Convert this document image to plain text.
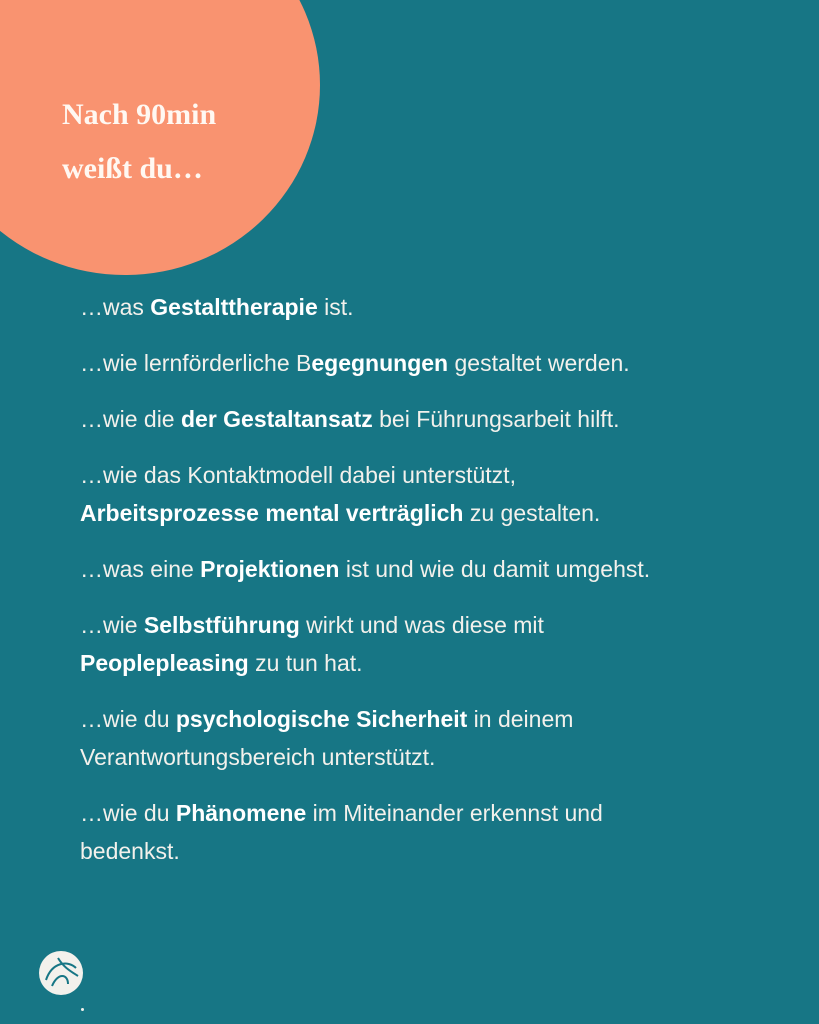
Nach 90min
weißt du…

…was Gestalttherapie ist.

…wie lernförderliche Begegnungen gestaltet werden.

…wie die der Gestaltansatz bei Führungsarbeit hilft.

…wie das Kontaktmodell dabei unterstützt,
Arbeitsprozesse mental verträglich zu gestalten.

…was eine Projektionen ist und wie du damit umgehst.

…wie Selbstführung wirkt und was diese mit
Peoplepleasing zu tun hat.

…wie du psychologische Sicherheit in deinem
Verantwortungsbereich unterstützt.

…wie du Phänomene im Miteinander erkennst und
bedenkst.
